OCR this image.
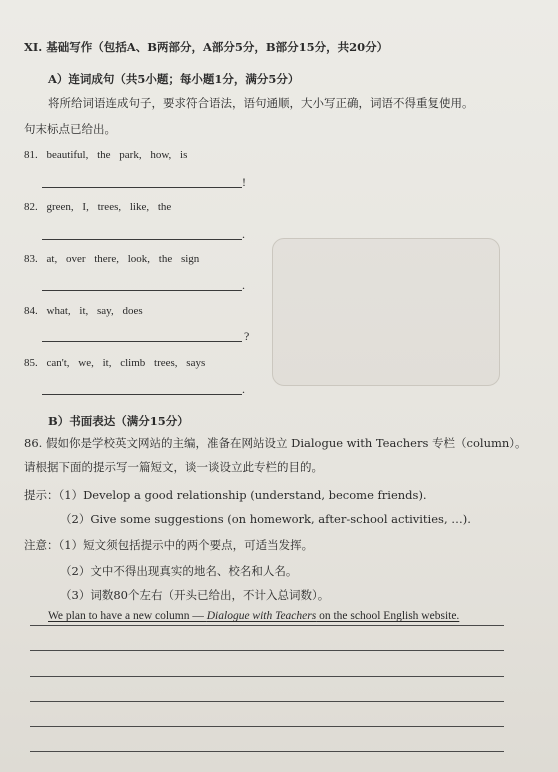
XI. 基础写作（包括A、B两部分，A部分5分，B部分15分，共20分）
A）连词成句（共5小题；每小题1分，满分5分）
将所给词语连成句子，要求符合语法，语句通顺，大小写正确，词语不得重复使用。
句末标点已给出。
81. beautiful, the park, how, is
!
82. green, I, trees, like, the
.
83. at, over there, look, the sign
.
84. what, it, say, does
?
85. can't, we, it, climb trees, says
.
B）书面表达（满分15分）
86. 假如你是学校英文网站的主编，准备在网站设立 Dialogue with Teachers 专栏（column）。
请根据下面的提示写一篇短文，谈一谈设立此专栏的目的。
提示：（1）Develop a good relationship (understand, become friends).
（2）Give some suggestions (on homework, after-school activities, …).
注意：（1）短文须包括提示中的两个要点，可适当发挥。
（2）文中不得出现真实的地名、校名和人名。
（3）词数80个左右（开头已给出，不计入总词数）。
We plan to have a new column — Dialogue with Teachers on the school English website.
